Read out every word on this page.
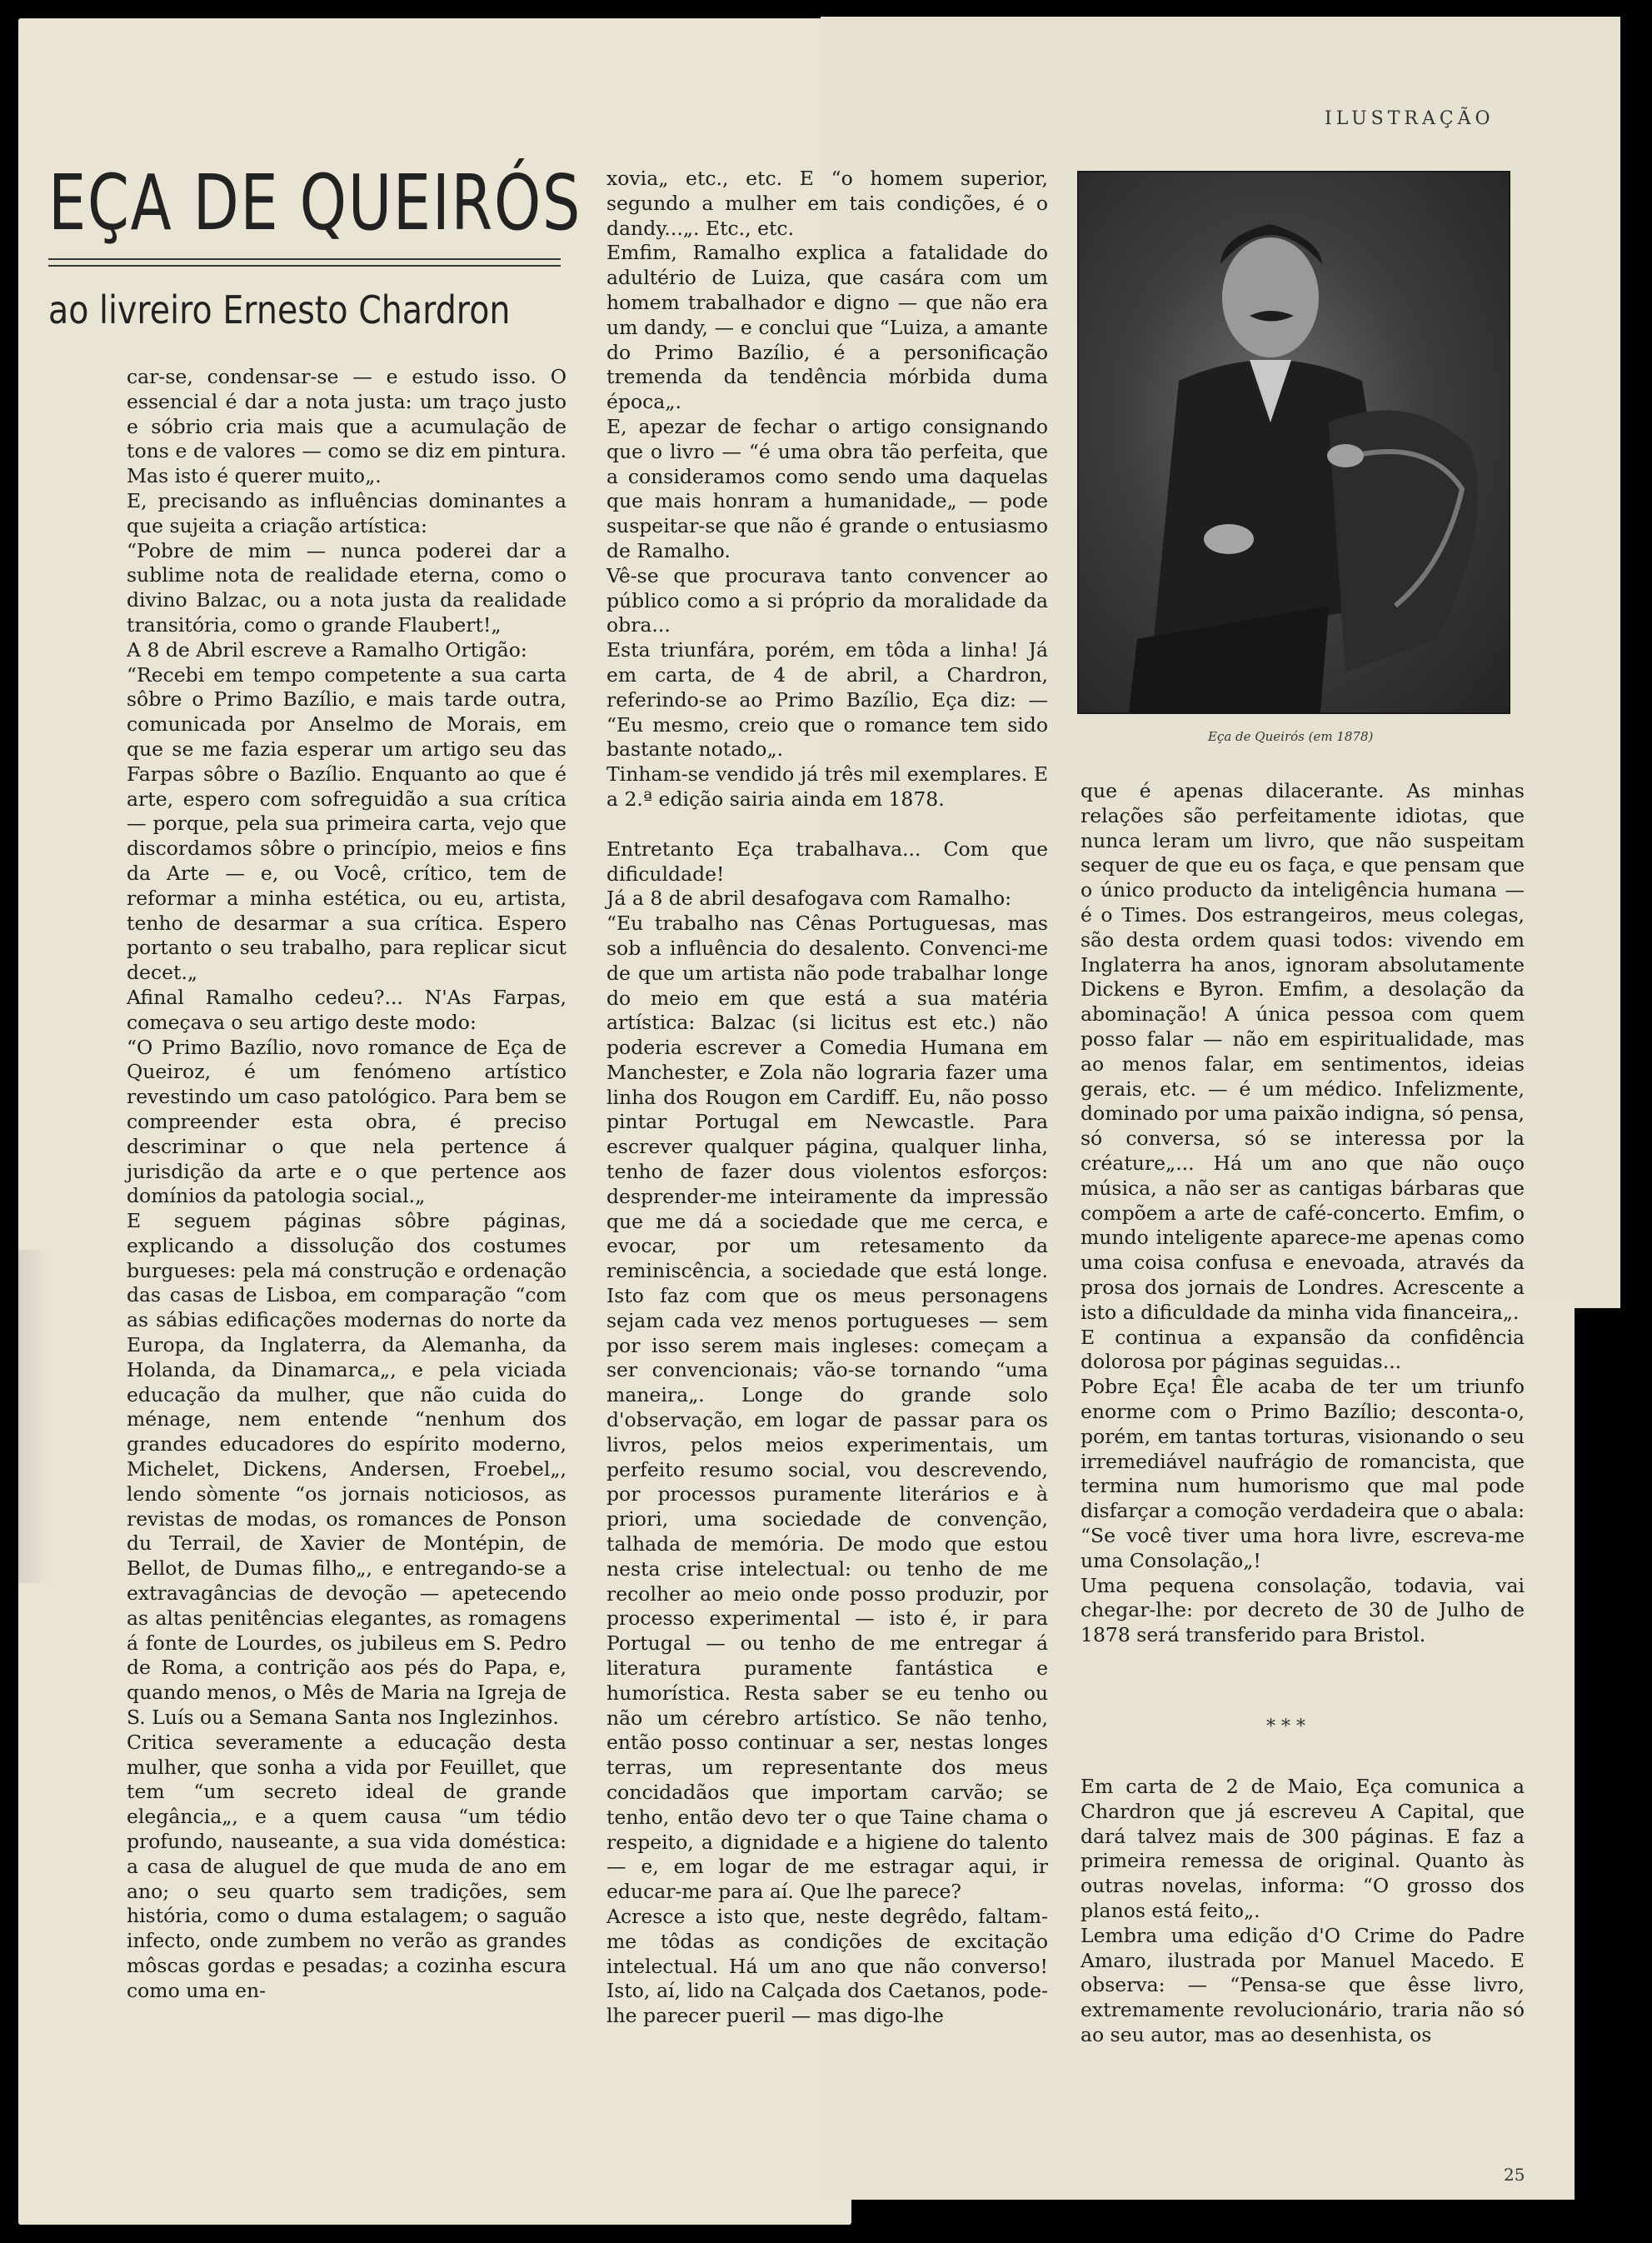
ILUSTRAÇÃO
EÇA DE QUEIRÓS
ao livreiro Ernesto Chardron

car-se, condensar-se — e estudo isso. O essencial é dar a nota justa: um traço justo e sóbrio cria mais que a acumulação de tons e de valores — como se diz em pintura. Mas isto é querer muito„.

E, precisando as influências dominantes a que sujeita a criação artística:

“Pobre de mim — nunca poderei dar a sublime nota de realidade eterna, como o divino Balzac, ou a nota justa da realidade transitória, como o grande Flaubert!„

A 8 de Abril escreve a Ramalho Ortigão:

“Recebi em tempo competente a sua carta sôbre o Primo Bazílio, e mais tarde outra, comunicada por Anselmo de Morais, em que se me fazia esperar um artigo seu das Farpas sôbre o Bazílio. Enquanto ao que é arte, espero com sofreguidão a sua crítica — porque, pela sua primeira carta, vejo que discordamos sôbre o princípio, meios e fins da Arte — e, ou Você, crítico, tem de reformar a minha estética, ou eu, artista, tenho de desarmar a sua crítica. Espero portanto o seu trabalho, para replicar sicut decet.„

Afinal Ramalho cedeu?... N'As Farpas, começava o seu artigo deste modo:

“O Primo Bazílio, novo romance de Eça de Queiroz, é um fenómeno artístico revestindo um caso patológico. Para bem se compreender esta obra, é preciso descriminar o que nela pertence á jurisdição da arte e o que pertence aos domínios da patologia social.„

E seguem páginas sôbre páginas, explicando a dissolução dos costumes burgueses: pela má construção e ordenação das casas de Lisboa, em comparação “com as sábias edificações modernas do norte da Europa, da Inglaterra, da Alemanha, da Holanda, da Dinamarca„, e pela viciada educação da mulher, que não cuida do ménage, nem entende “nenhum dos grandes educadores do espírito moderno, Michelet, Dickens, Andersen, Froebel„, lendo sòmente “os jornais noticiosos, as revistas de modas, os romances de Ponson du Terrail, de Xavier de Montépin, de Bellot, de Dumas filho„, e entregando-se a extravagâncias de devoção — apetecendo as altas penitências elegantes, as romagens á fonte de Lourdes, os jubileus em S. Pedro de Roma, a contrição aos pés do Papa, e, quando menos, o Mês de Maria na Igreja de S. Luís ou a Semana Santa nos Inglezinhos.

Critica severamente a educação desta mulher, que sonha a vida por Feuillet, que tem “um secreto ideal de grande elegância„, e a quem causa “um tédio profundo, nauseante, a sua vida doméstica: a casa de aluguel de que muda de ano em ano; o seu quarto sem tradições, sem história, como o duma estalagem; o saguão infecto, onde zumbem no verão as grandes môscas gordas e pesadas; a cozinha escura como uma en-

xovia„ etc., etc. E “o homem superior, segundo a mulher em tais condições, é o dandy...„. Etc., etc.

Emfim, Ramalho explica a fatalidade do adultério de Luiza, que casára com um homem trabalhador e digno — que não era um dandy, — e conclui que “Luiza, a amante do Primo Bazílio, é a personificação tremenda da tendência mórbida duma época„.

E, apezar de fechar o artigo consignando que o livro — “é uma obra tão perfeita, que a consideramos como sendo uma daquelas que mais honram a humanidade„ — pode suspeitar-se que não é grande o entusiasmo de Ramalho.

Vê-se que procurava tanto convencer ao público como a si próprio da moralidade da obra...

Esta triunfára, porém, em tôda a linha! Já em carta, de 4 de abril, a Chardron, referindo-se ao Primo Bazílio, Eça diz: — “Eu mesmo, creio que o romance tem sido bastante notado„.

Tinham-se vendido já três mil exemplares. E a 2.ª edição sairia ainda em 1878.

Entretanto Eça trabalhava... Com que dificuldade!

Já a 8 de abril desafogava com Ramalho:

“Eu trabalho nas Cênas Portuguesas, mas sob a influência do desalento. Convenci-me de que um artista não pode trabalhar longe do meio em que está a sua matéria artística: Balzac (si licitus est etc.) não poderia escrever a Comedia Humana em Manchester, e Zola não lograria fazer uma linha dos Rougon em Cardiff. Eu, não posso pintar Portugal em Newcastle. Para escrever qualquer página, qualquer linha, tenho de fazer dous violentos esforços: desprender-me inteiramente da impressão que me dá a sociedade que me cerca, e evocar, por um retesamento da reminiscência, a sociedade que está longe. Isto faz com que os meus personagens sejam cada vez menos portugueses — sem por isso serem mais ingleses: começam a ser convencionais; vão-se tornando “uma maneira„. Longe do grande solo d'observação, em logar de passar para os livros, pelos meios experimentais, um perfeito resumo social, vou descrevendo, por processos puramente literários e à priori, uma sociedade de convenção, talhada de memória. De modo que estou nesta crise intelectual: ou tenho de me recolher ao meio onde posso produzir, por processo experimental — isto é, ir para Portugal — ou tenho de me entregar á literatura puramente fantástica e humorística. Resta saber se eu tenho ou não um cérebro artístico. Se não tenho, então posso continuar a ser, nestas longes terras, um representante dos meus concidadãos que importam carvão; se tenho, então devo ter o que Taine chama o respeito, a dignidade e a higiene do talento — e, em logar de me estragar aqui, ir educar-me para aí. Que lhe parece?

Acresce a isto que, neste degrêdo, faltam-me tôdas as condições de excitação intelectual. Há um ano que não converso! Isto, aí, lido na Calçada dos Caetanos, pode-lhe parecer pueril — mas digo-lhe

Eça de Queirós (em 1878)

que é apenas dilacerante. As minhas relações são perfeitamente idiotas, que nunca leram um livro, que não suspeitam sequer de que eu os faça, e que pensam que o único producto da inteligência humana — é o Times. Dos estrangeiros, meus colegas, são desta ordem quasi todos: vivendo em Inglaterra ha anos, ignoram absolutamente Dickens e Byron. Emfim, a desolação da abominação! A única pessoa com quem posso falar — não em espiritualidade, mas ao menos falar, em sentimentos, ideias gerais, etc. — é um médico. Infelizmente, dominado por uma paixão indigna, só pensa, só conversa, só se interessa por la créature„... Há um ano que não ouço música, a não ser as cantigas bárbaras que compõem a arte de café-concerto. Emfim, o mundo inteligente aparece-me apenas como uma coisa confusa e enevoada, através da prosa dos jornais de Londres. Acrescente a isto a dificuldade da minha vida financeira„.

E continua a expansão da confidência dolorosa por páginas seguidas...

Pobre Eça! Êle acaba de ter um triunfo enorme com o Primo Bazílio; desconta-o, porém, em tantas torturas, visionando o seu irremediável naufrágio de romancista, que termina num humorismo que mal pode disfarçar a comoção verdadeira que o abala: “Se você tiver uma hora livre, escreva-me uma Consolação„!

Uma pequena consolação, todavia, vai chegar-lhe: por decreto de 30 de Julho de 1878 será transferido para Bristol.

* * *

Em carta de 2 de Maio, Eça comunica a Chardron que já escreveu A Capital, que dará talvez mais de 300 páginas. E faz a primeira remessa de original. Quanto às outras novelas, informa: “O grosso dos planos está feito„.

Lembra uma edição d'O Crime do Padre Amaro, ilustrada por Manuel Macedo. E observa: — “Pensa-se que êsse livro, extremamente revolucionário, traria não só ao seu autor, mas ao desenhista, os

25
